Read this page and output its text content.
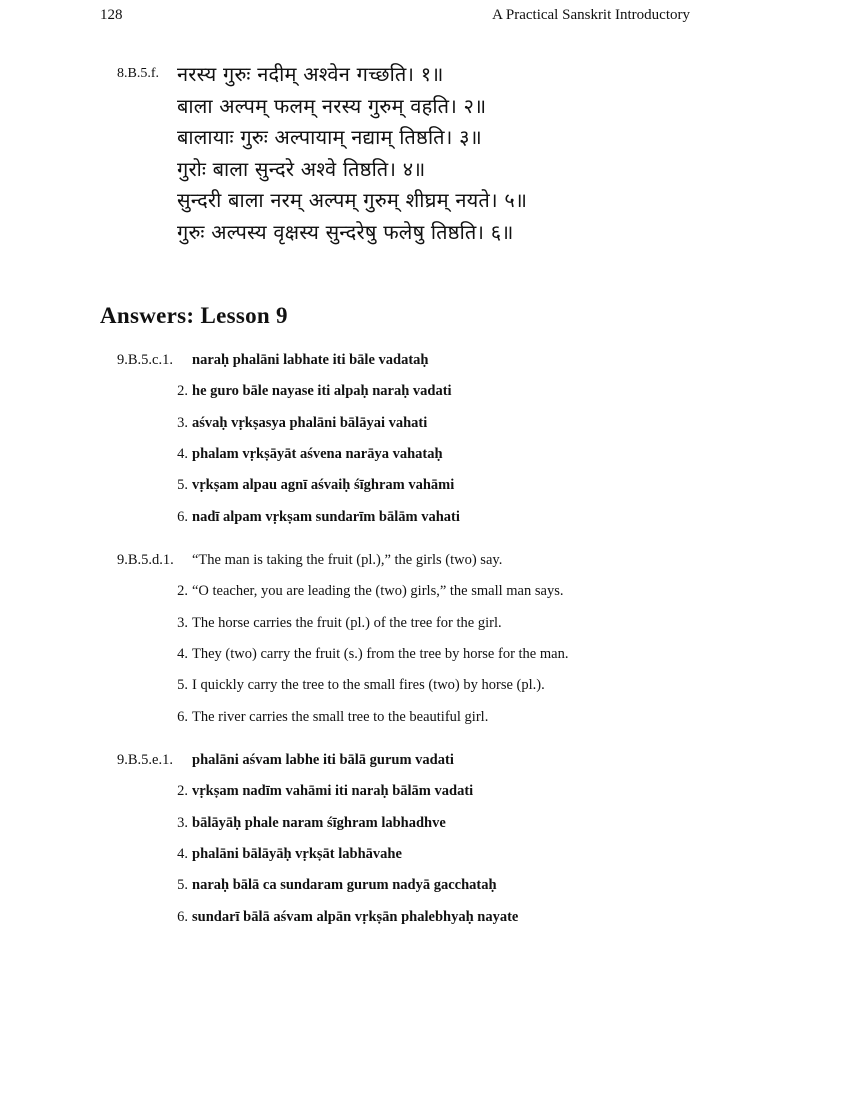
128	A Practical Sanskrit Introductory
8.B.5.f. नरस्य गुरुः नदीम् अश्वेन गच्छति। १॥
बाला अल्पम् फलम् नरस्य गुरुम् वहति। २॥
बालायाः गुरुः अल्पायाम् नद्याम् तिष्ठति। ३॥
गुरोः बाला सुन्दरे अश्वे तिष्ठति। ४॥
सुन्दरी बाला नरम् अल्पम् गुरुम् शीघ्रम् नयते। ५॥
गुरुः अल्पस्य वृक्षस्य सुन्दरेषु फलेषु तिष्ठति। ६॥
Answers: Lesson 9
9.B.5.c.1.	naraḥ phalāni labhate iti bāle vadataḥ
2. he guro bāle nayase iti alpaḥ naraḥ vadati
3. aśvaḥ vṛkṣasya phalāni bālāyai vahati
4. phalam vṛkṣāyāt aśvena narāya vahataḥ
5. vṛkṣam alpau agnī aśvaiḥ śīghram vahāmi
6. nadī alpam vṛkṣam sundarīm bālām vahati
9.B.5.d.1.	“The man is taking the fruit (pl.),” the girls (two) say.
2. “O teacher, you are leading the (two) girls,” the small man says.
3. The horse carries the fruit (pl.) of the tree for the girl.
4. They (two) carry the fruit (s.) from the tree by horse for the man.
5. I quickly carry the tree to the small fires (two) by horse (pl.).
6. The river carries the small tree to the beautiful girl.
9.B.5.e.1.	phalāni aśvam labhe iti bālā gurum vadati
2. vṛkṣam nadīm vahāmi iti naraḥ bālām vadati
3. bālāyāḥ phale naram śīghram labhadhve
4. phalāni bālāyāḥ vṛkṣāt labhāvahe
5. naraḥ bālā ca sundaram gurum nadyā gacchataḥ
6. sundarī bālā aśvam alpān vṛkṣān phalebhyaḥ nayate
